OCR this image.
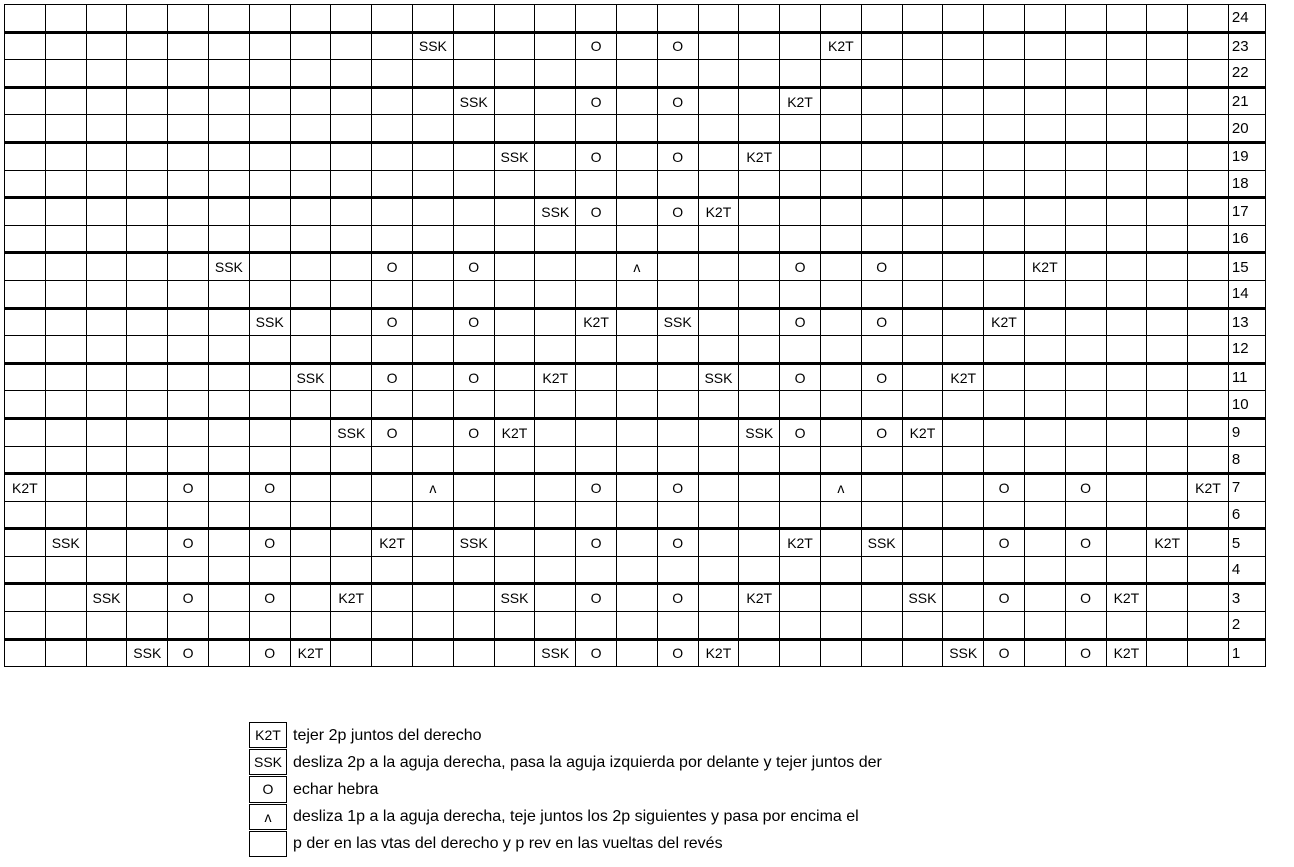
																														24
										SSK				O		O				K2T										23
																														22
											SSK			O		O			K2T											21
																														20
												SSK		O		O		K2T												19
																														18
													SSK	O		O	K2T													17
																														16
					SSK				O		O				ʌ				O		O				K2T					15
																														14
						SSK			O		O			K2T		SSK			O		O			K2T						13
																														12
							SSK		O		O		K2T				SSK		O		O		K2T							11
																														10
								SSK	O		O	K2T						SSK	O		O	K2T								9
																														8
K2T				O		O				ʌ				O		O				ʌ				O		O			K2T	7
																														6
	SSK			O		O			K2T		SSK			O		O			K2T		SSK			O		O		K2T		5
																														4
		SSK		O		O		K2T				SSK		O		O		K2T				SSK		O		O	K2T			3
																														2
			SSK	O		O	K2T						SSK	O		O	K2T						SSK	O		O	K2T			1
K2T tejer 2p juntos del derecho
SSK desliza 2p a la aguja derecha, pasa la aguja izquierda por delante y tejer juntos der
O	echar hebra
ʌ	desliza 1p a la aguja derecha, teje juntos los 2p siguientes y pasa por encima el
p der en las vtas del derecho y p rev en las vueltas del revés
